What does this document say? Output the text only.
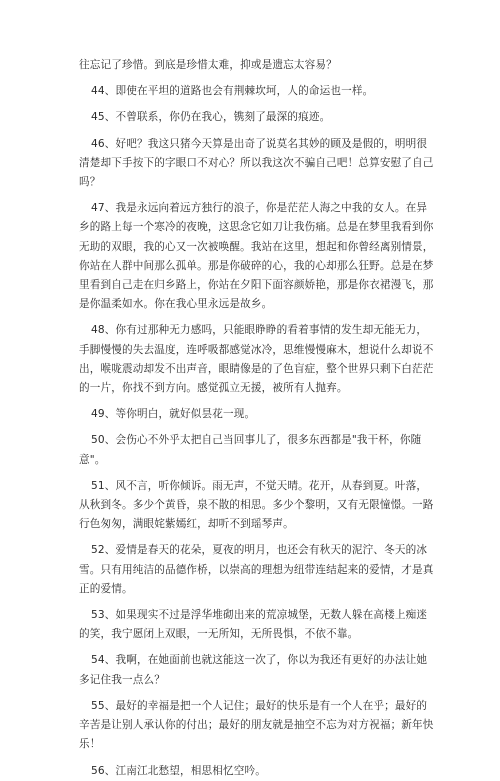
往忘记了珍惜。到底是珍惜太难，抑或是遗忘太容易？

44、即使在平坦的道路也会有荆棘坎坷，人的命运也一样。

45、不曾联系，你仍在我心，镌刻了最深的痕迹。

46、好吧？我这只猪今天算是出奇了说莫名其妙的顾及是假的，明明很清楚却下手按下的字眼口不对心？所以我这次不骗自己吧！总算安慰了自己吗？

47、我是永远向着远方独行的浪子，你是茫茫人海之中我的女人。在异乡的路上每一个寒冷的夜晚，这思念它如刀让我伤痛。总是在梦里我看到你无助的双眼，我的心又一次被唤醒。我站在这里，想起和你曾经离别情景，你站在人群中间那么孤单。那是你破碎的心，我的心却那么狂野。总是在梦里看到自己走在归乡路上，你站在夕阳下面容颜娇艳，那是你衣裙漫飞，那是你温柔如水。你在我心里永远是故乡。

48、你有过那种无力感吗，只能眼睁睁的看着事情的发生却无能无力，手脚慢慢的失去温度，连呼吸都感觉冰冷，思维慢慢麻木，想说什么却说不出，喉咙震动却发不出声音，眼睛像是的了色盲症，整个世界只剩下白茫茫的一片，你找不到方向。感觉孤立无援，被所有人抛弃。

49、等你明白，就好似昙花一现。

50、会伤心不外乎太把自己当回事儿了，很多东西都是"我干杯，你随意"。

51、风不言，听你倾诉。雨无声，不觉天晴。花开，从春到夏。叶落，从秋到冬。多少个黄昏，泉不散的相思。多少个黎明，又有无限憧憬。一路行色匆匆，满眼姹紫嫣红，却听不到瑶琴声。

52、爱情是春天的花朵，夏夜的明月，也还会有秋天的泥泞、冬天的冰雪。只有用纯洁的品德作桥，以崇高的理想为纽带连结起来的爱情，才是真正的爱情。

53、如果现实不过是浮华堆砌出来的荒凉城堡，无数人躲在高楼上痴迷的笑，我宁愿闭上双眼，一无所知，无所畏惧，不依不靠。

54、我啊，在她面前也就这能这一次了，你以为我还有更好的办法让她多记住我一点么？

55、最好的幸福是把一个人记住；最好的快乐是有一个人在乎；最好的辛苦是让别人承认你的付出；最好的朋友就是抽空不忘为对方祝福；新年快乐！

56、江南江北愁望，相思相忆空吟。
